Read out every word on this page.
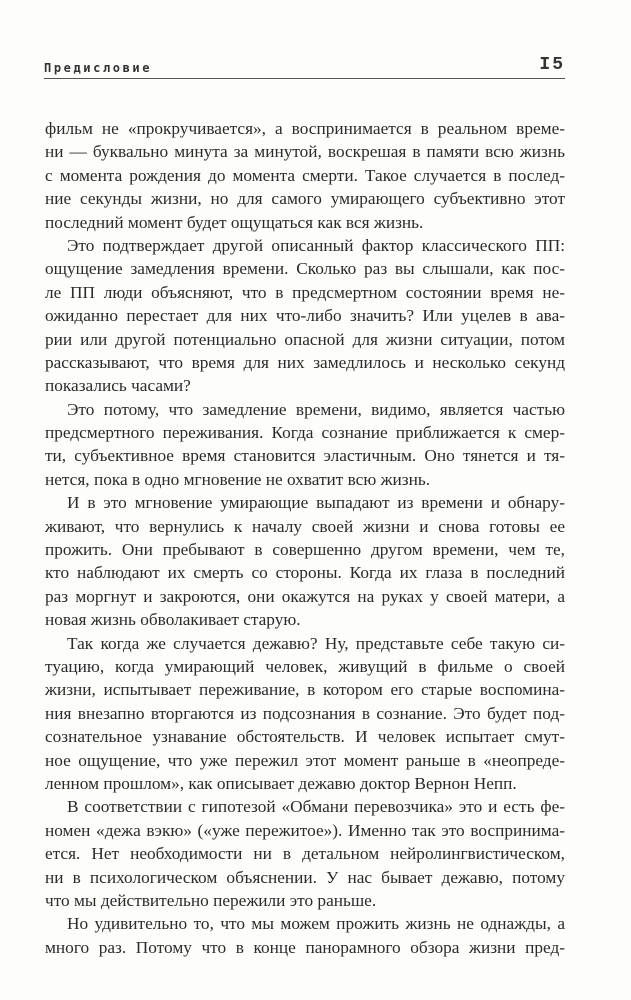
Предисловие	I5
фильм не «прокручивается», а воспринимается в реальном време-
ни — буквально минута за минутой, воскрешая в памяти всю жизнь
с момента рождения до момента смерти. Такое случается в послед-
ние секунды жизни, но для самого умирающего субъективно этот
последний момент будет ощущаться как вся жизнь.
Это подтверждает другой описанный фактор классического ПП:
ощущение замедления времени. Сколько раз вы слышали, как пос-
ле ПП люди объясняют, что в предсмертном состоянии время не-
ожиданно перестает для них что-либо значить? Или уцелев в ава-
рии или другой потенциально опасной для жизни ситуации, потом
рассказывают, что время для них замедлилось и несколько секунд
показались часами?
Это потому, что замедление времени, видимо, является частью
предсмертного переживания. Когда сознание приближается к смер-
ти, субъективное время становится эластичным. Оно тянется и тя-
нется, пока в одно мгновение не охватит всю жизнь.
И в это мгновение умирающие выпадают из времени и обнару-
живают, что вернулись к началу своей жизни и снова готовы ее
прожить. Они пребывают в совершенно другом времени, чем те,
кто наблюдают их смерть со стороны. Когда их глаза в последний
раз моргнут и закроются, они окажутся на руках у своей матери, а
новая жизнь обволакивает старую.
Так когда же случается дежавю? Ну, представьте себе такую си-
туацию, когда умирающий человек, живущий в фильме о своей
жизни, испытывает переживание, в котором его старые воспомина-
ния внезапно вторгаются из подсознания в сознание. Это будет под-
сознательное узнавание обстоятельств. И человек испытает смут-
ное ощущение, что уже пережил этот момент раньше в «неопреде-
ленном прошлом», как описывает дежавю доктор Вернон Непп.
В соответствии с гипотезой «Обмани перевозчика» это и есть фе-
номен «дежа вэкю» («уже пережитое»). Именно так это воспринима-
ется. Нет необходимости ни в детальном нейролингвистическом,
ни в психологическом объяснении. У нас бывает дежавю, потому
что мы действительно пережили это раньше.
Но удивительно то, что мы можем прожить жизнь не однажды, а
много раз. Потому что в конце панорамного обзора жизни пред-
